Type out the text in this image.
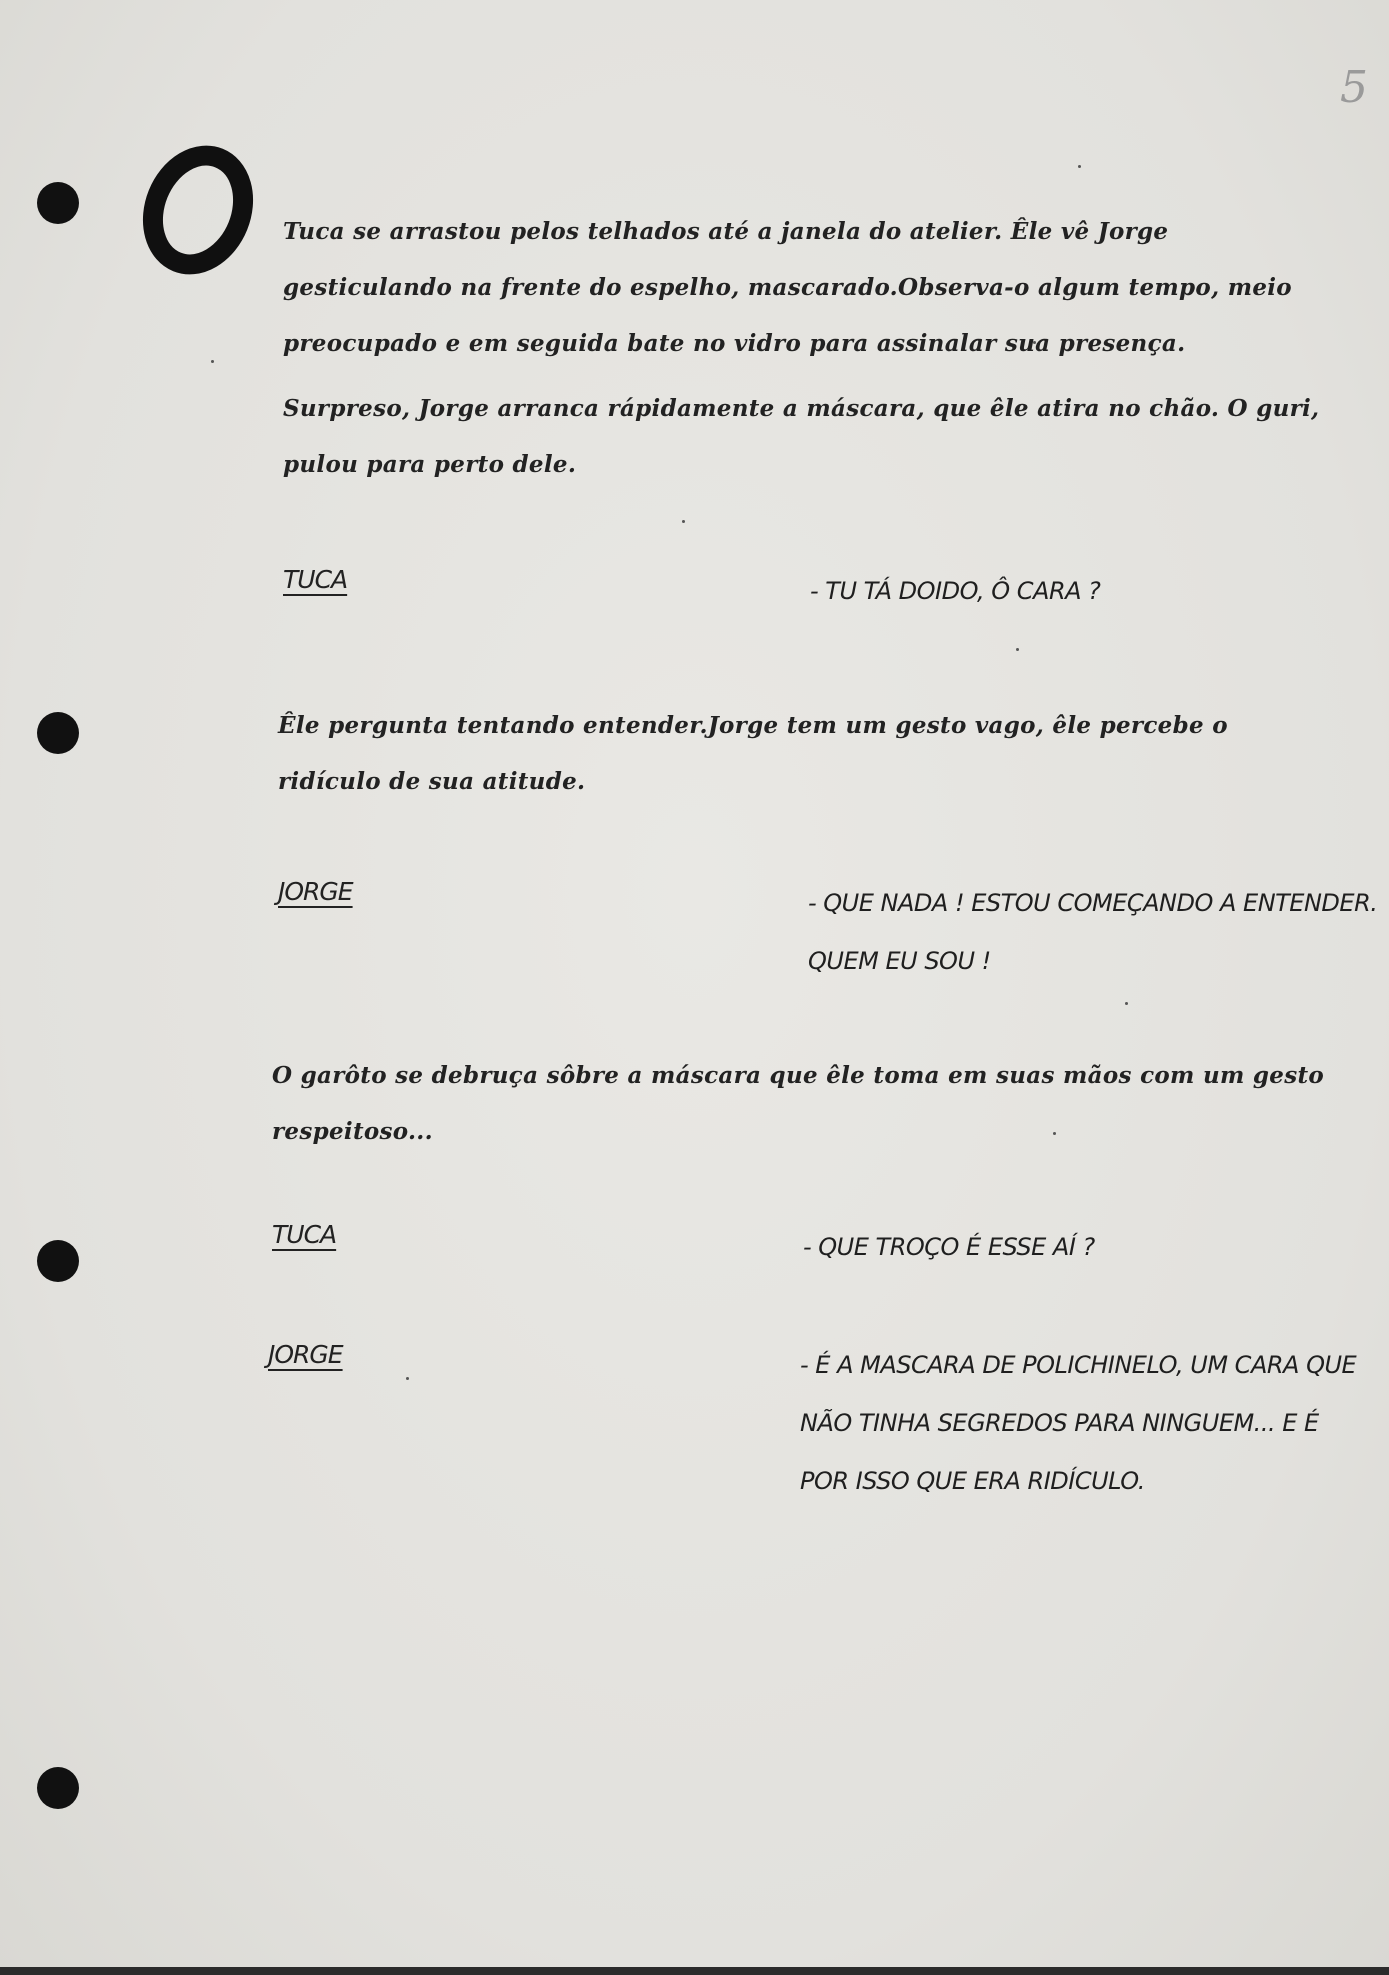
5

Tuca se arrastou pelos telhados até a janela do atelier. Êle vê Jorge gesticulando na frente do espelho, mascarado.Observa-o algum tempo, meio preocupado e em seguida bate no vidro para assinalar sua presença.

Surpreso, Jorge arranca rápidamente a máscara, que êle atira no chão. O guri, pulou para perto dele.

TUCA	- TU TÁ DOIDO, Ô CARA ?

Êle pergunta tentando entender.Jorge tem um gesto vago, êle percebe o ridículo de sua atitude.

JORGE	- QUE NADA ! ESTOU COMEÇANDO A ENTENDER.
QUEM EU SOU !

O garôto se debruça sôbre a máscara que êle toma em suas mãos com um gesto respeitoso...

TUCA	- QUE TROÇO É ESSE AÍ ?

JORGE	- É A MASCARA DE POLICHINELO, UM CARA QUE
NÃO TINHA SEGREDOS PARA NINGUEM... E É
POR ISSO QUE ERA RIDÍCULO.
